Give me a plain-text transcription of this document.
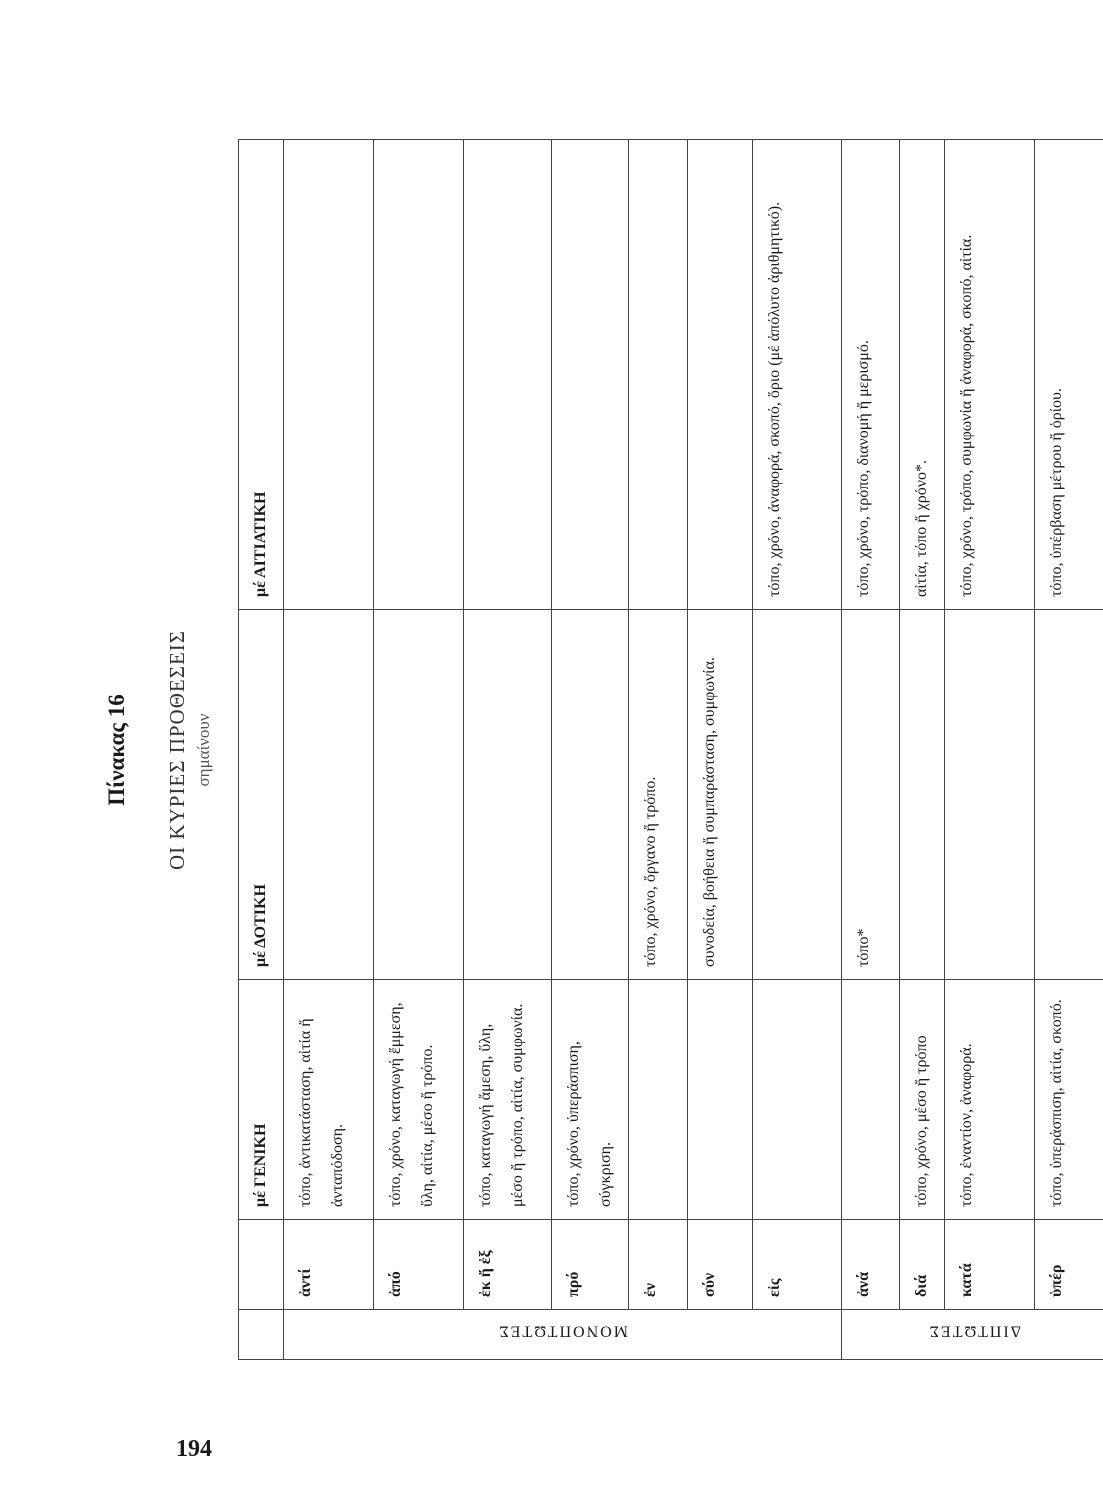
Πίνακας 16 ΟΙ ΚΥΡΙΕΣ ΠΡΟΘΕΣΕΙΣ σημαίνουν
		μέ ΓΕΝΙΚΗ	μέ ΔΟΤΙΚΗ	μέ ΑΙΤΙΑΤΙΚΗ
ΜΟΝΟΠΤΩΤΕΣ	ἀντί	τόπο, ἀντικατάσταση, αἰτία ἤ ἀνταπόδοση.		
	ἀπό	τόπο, χρόνο, καταγωγή ἔμμεση, ὕλη, αἰτία, μέσο ἤ τρόπο.		
	ἐκ ἤ ἐξ	τόπο, καταγωγή ἄμεση, ὕλη, μέσο ἤ τρόπο, αἰτία, συμφωνία.		
	πρό	τόπο, χρόνο, ὑπεράσπιση, σύγκριση.		
	ἐν		τόπο, χρόνο, ὄργανο ἤ τρόπο.	
	σύν		συνοδεία, βοήθεια ἤ συμπαράσταση, συμφωνία.	
	εἰς			τόπο, χρόνο, ἀναφορά, σκοπό, ὅριο (μέ ἀπόλυτο ἀριθμητικό).
ΔΙΠΤΩΤΕΣ	ἀνά		τόπο*	τόπο, χρόνο, τρόπο, διανομή ἤ μερισμό.
	διά	τόπο, χρόνο, μέσο ἤ τρόπο		αἰτία, τόπο ἤ χρόνο*.
	κατά	τόπο, ἐναντίον, ἀναφορά.		τόπο, χρόνο, τρόπο, συμφωνία ἤ ἀναφορά, σκοπό, αἰτία.
	ὑπέρ	τόπο, ὑπεράσπιση, αἰτία, σκοπό.		τόπο, ὑπέρβαση μέτρου ἤ ὁρίου.
194
